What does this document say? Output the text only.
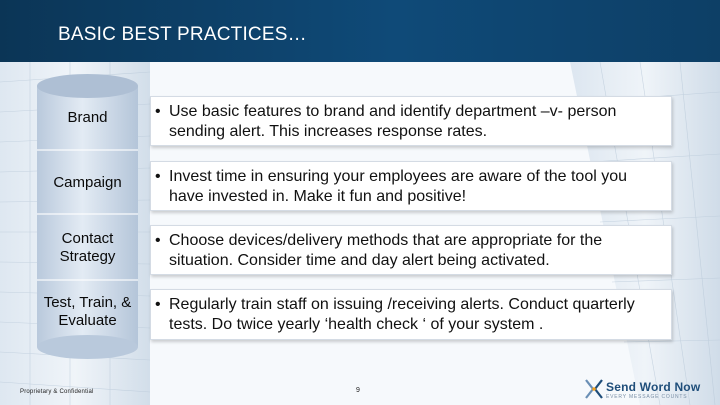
BASIC BEST PRACTICES…
Brand
Campaign
Contact Strategy
Test, Train, & Evaluate
• Use basic features to brand and identify department –v- person sending alert. This increases response rates.
• Invest time in ensuring your employees are aware of the tool you have invested in. Make it fun and positive!
• Choose devices/delivery methods that are appropriate for the situation. Consider time and day alert being activated.
• Regularly train staff on issuing /receiving alerts. Conduct quarterly tests. Do twice yearly ‘health check ‘ of your system .
Proprietary & Confidential	9	Send Word Now
EVERY MESSAGE COUNTS
